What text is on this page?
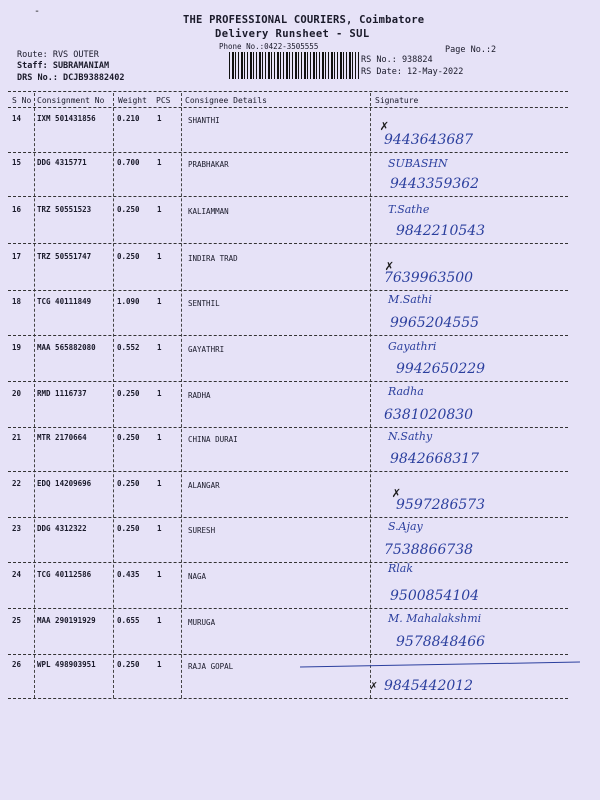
-
THE PROFESSIONAL COURIERS, Coimbatore
Delivery Runsheet - SUL
Phone No.:0422-3505555
Route: RVS OUTER
Staff: SUBRAMANIAM
DRS No.: DCJB93882402
RS No.: 938824
RS Date: 12-May-2022
Page No.:2
S No Consignment No Weight PCS Consignee Details	Signature
14 IXM 501431856	0.210 1	SHANTHI
9443643687
15 DDG 4315771	0.700 1	PRABHAKAR	SUBASHN
9443359362
16 TRZ 50551523	0.250 1	KALIAMMAN	T.Sathe
9842210543
17 TRZ 50551747	0.250 1	INDIRA TRAD
7639963500
18 TCG 40111849	1.090 1	SENTHIL	M.Sathi
9965204555
19 MAA 565882080	0.552 1	GAYATHRI	Gayathri
9942650229
20 RMD 1116737	0.250 1	RADHA	Radha
6381020830
21 MTR 2170664	0.250 1	CHINA DURAI	N.Sathy
9842668317
22 EDQ 14209696	0.250 1	ALANGAR
9597286573
23 DDG 4312322	0.250 1	SURESH	S.Ajay
7538866738
24 TCG 40112586	0.435 1	NAGA
Rlak
9500854104
25 MAA 290191929	0.655 1	MURUGA	M. Mahalakshmi
9578848466
26 WPL 498903951	0.250 1	RAJA GOPAL
9845442012
✗
✗
✗
✗
